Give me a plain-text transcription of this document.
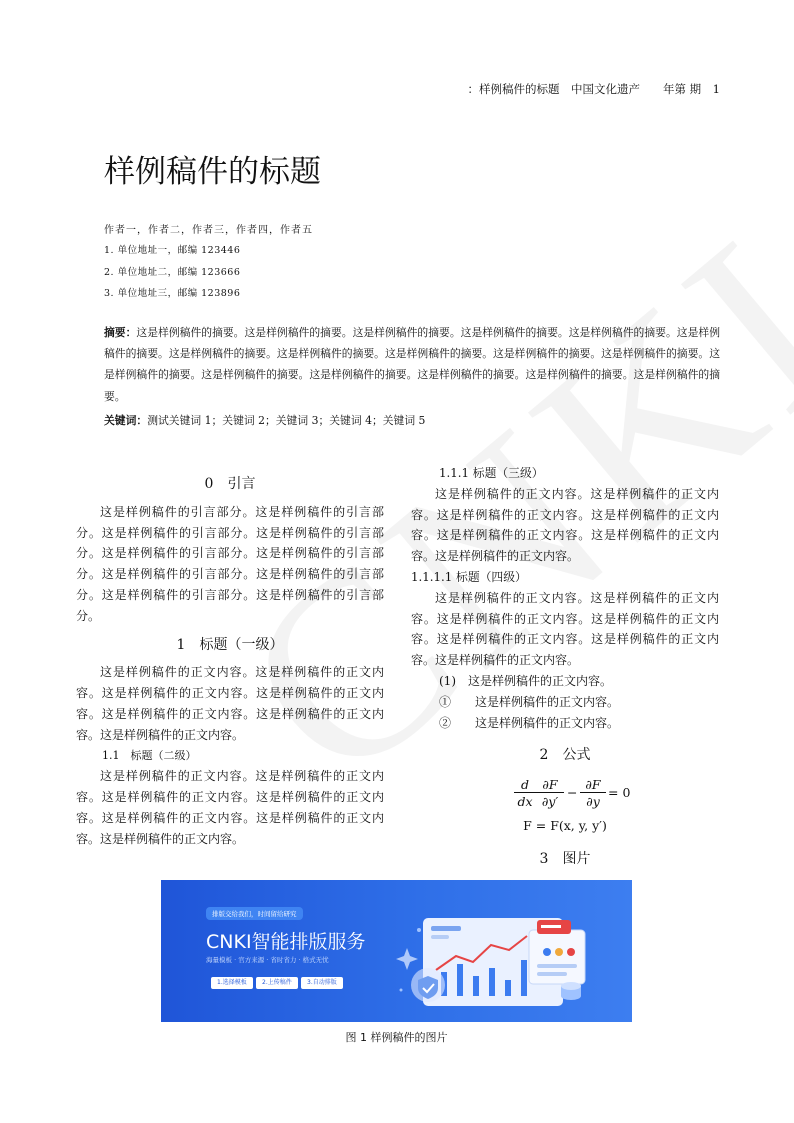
：样例稿件的标题　中国文化遗产　　年第 期　1
样例稿件的标题
作者一，作者二，作者三，作者四，作者五
1. 单位地址一，邮编 123446
2. 单位地址二，邮编 123666
3. 单位地址三，邮编 123896
摘要：这是样例稿件的摘要。这是样例稿件的摘要。这是样例稿件的摘要。这是样例稿件的摘要。这是样例稿件的摘要。这是样例稿件的摘要。这是样例稿件的摘要。这是样例稿件的摘要。这是样例稿件的摘要。这是样例稿件的摘要。这是样例稿件的摘要。这是样例稿件的摘要。这是样例稿件的摘要。这是样例稿件的摘要。这是样例稿件的摘要。这是样例稿件的摘要。这是样例稿件的摘要。
关键词：测试关键词 1；关键词 2；关键词 3；关键词 4；关键词 5
0　引言

这是样例稿件的引言部分。这是样例稿件的引言部分。这是样例稿件的引言部分。这是样例稿件的引言部分。这是样例稿件的引言部分。这是样例稿件的引言部分。这是样例稿件的引言部分。这是样例稿件的引言部分。这是样例稿件的引言部分。这是样例稿件的引言部分。

1　标题（一级）

这是样例稿件的正文内容。这是样例稿件的正文内容。这是样例稿件的正文内容。这是样例稿件的正文内容。这是样例稿件的正文内容。这是样例稿件的正文内容。这是样例稿件的正文内容。

1.1　标题（二级）

这是样例稿件的正文内容。这是样例稿件的正文内容。这是样例稿件的正文内容。这是样例稿件的正文内容。这是样例稿件的正文内容。这是样例稿件的正文内容。这是样例稿件的正文内容。

1.1.1 标题（三级）

这是样例稿件的正文内容。这是样例稿件的正文内容。这是样例稿件的正文内容。这是样例稿件的正文内容。这是样例稿件的正文内容。这是样例稿件的正文内容。这是样例稿件的正文内容。

1.1.1.1 标题（四级）

这是样例稿件的正文内容。这是样例稿件的正文内容。这是样例稿件的正文内容。这是样例稿件的正文内容。这是样例稿件的正文内容。这是样例稿件的正文内容。这是样例稿件的正文内容。

(1)　这是样例稿件的正文内容。
①　　这是样例稿件的正文内容。
②　　这是样例稿件的正文内容。
2　公式
d
dx
∂F
∂y′
−
∂F
∂y
= 0
F = F(x, y, y′)
3　图片
排版交给我们，时间留给研究
CNKI智能排版服务
海量模板 · 官方来源 · 省时省力 · 格式无忧
1.选择模板	2.上传稿件	3.自动排版
图 1 样例稿件的图片
